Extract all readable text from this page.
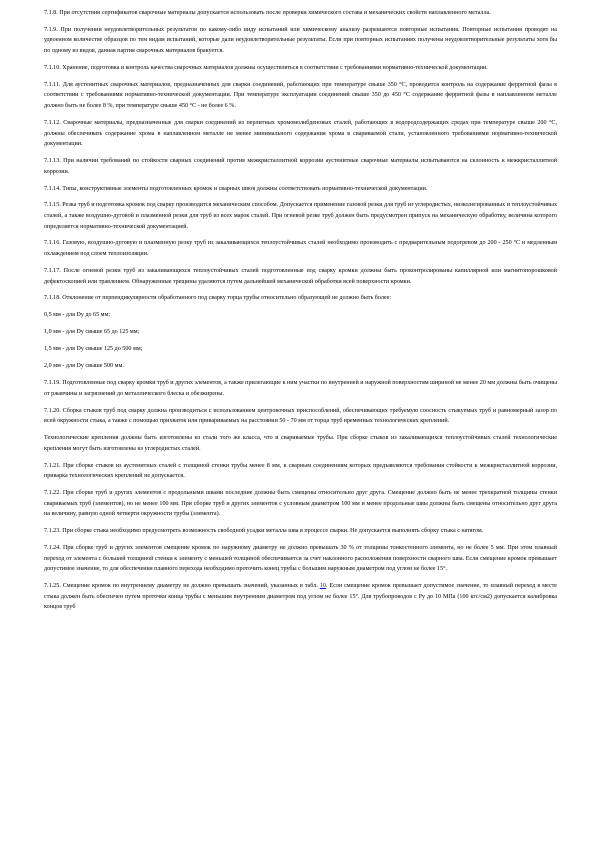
7.1.8. При отсутствии сертификатов сварочные материалы допускается использовать после проверки химического состава и механических свойств наплавленного металла.

7.1.9. При получении неудовлетворительных результатов по какому-либо виду испытаний или химическому анализу разрешаются повторные испытания. Повторные испытания проводят на удвоенном количестве образцов по тем видам испытаний, которые дали неудовлетворительные результаты. Если при повторных испытаниях получены неудовлетворительные результаты хотя бы по одному из видов, данная партия сварочных материалов бракуется.

7.1.10. Хранение, подготовка и контроль качества сварочных материалов должны осуществляться в соответствии с требованиями нормативно-технической документации.

7.1.11. Для аустенитных сварочных материалов, предназначенных для сварки соединений, работающих при температуре свыше 350 °С, проводится контроль на содержание ферритной фазы в соответствии с требованиями нормативно-технической документации. При температуре эксплуатации соединений свыше 350 до 450 °С содержание ферритной фазы в наплавленном металле должно быть не более 8 %, при температуре свыше 450 °С - не более 6 %.

7.1.12. Сварочные материалы, предназначенные для сварки соединений из перлитных хромомолибденовых сталей, работающих в водородсодержащих средах при температуре свыше 200 °С, должны обеспечивать содержание хрома в наплавленном металле не менее минимального содержания хрома в свариваемой стали, установленного требованиями нормативно-технической документации.

7.1.13. При наличии требований по стойкости сварных соединений против межкристаллитной коррозии аустенитные сварочные материалы испытываются на склонность к межкристаллитной коррозии.

7.1.14. Типы, конструктивные элементы подготовленных кромок и сварных швов должны соответствовать нормативно-технической документации.

7.1.15. Резка труб и подготовка кромок под сварку производится механическим способом. Допускается применение газовой резки для труб из углеродистых, низколегированных и теплоустойчивых сталей, а также воздушно-дуговой и плазменной резки для труб из всех марок сталей. При огневой резке труб должен быть предусмотрен припуск на механическую обработку, величина которого определяется нормативно-технической документацией.

7.1.16. Газовую, воздушно-дуговую и плазменную резку труб из закаливающихся теплоустойчивых сталей необходимо производить с предварительным подогревом до 200 - 250 °С и медленным охлаждением под слоем теплоизоляции.

7.1.17. После огневой резки труб из закаливающихся теплоустойчивых сталей подготовленные под сварку кромки должны быть проконтролированы капиллярной или магнитопорошковой дефектоскопией или травлением. Обнаруженные трещины удаляются путем дальнейшей механической обработки всей поверхности кромки.

7.1.18. Отклонение от перпендикулярности обработанного под сварку торца трубы относительно образующей не должно быть более:

0,5 мм - для Dy до 65 мм;

1,0 мм - для Dy свыше 65 до 125 мм;

1,5 мм - для Dy свыше 125 до 500 мм;

2,0 мм - для Dy свыше 500 мм.

7.1.19. Подготовленные под сварку кромки труб и других элементов, а также прилегающие к ним участки по внутренней и наружной поверхностям шириной не менее 20 мм должны быть очищены от ржавчины и загрязнений до металлического блеска и обезжирены.

7.1.20. Сборка стыков труб под сварку должна производиться с использованием центровочных приспособлений, обеспечивающих требуемую соосность стыкуемых труб и равномерный зазор по всей окружности стыка, а также с помощью прихваток или привариваемых на расстоянии 50 - 70 мм от торца труб временных технологических креплений.

Технологические крепления должны быть изготовлены из стали того же класса, что и свариваемые трубы. При сборке стыков из закаливающихся теплоустойчивых сталей технологические крепления могут быть изготовлены из углеродистых сталей.

7.1.21. При сборке стыков из аустенитных сталей с толщиной стенки трубы менее 8 мм, к сварным соединениям которых предъявляются требования стойкости к межкристаллитной коррозии, приварка технологических креплений не допускается.

7.1.22. При сборке труб и других элементов с продольными швами последние должны быть смещены относительно друг друга. Смещение должно быть не менее трехкратной толщины стенки свариваемых труб (элементов), но не менее 100 мм. При сборке труб и других элементов с условным диаметром 100 мм и менее продольные швы должны быть смещены относительно друг друга на величину, равную одной четверти окружности трубы (элемента).

7.1.23. При сборке стыка необходимо предусмотреть возможность свободной усадки металла шва в процессе сварки. Не допускается выполнять сборку стыка с натягом.

7.1.24. При сборке труб и других элементов смещение кромок по наружному диаметру не должно превышать 30 % от толщины тонкостенного элемента, но не более 5 мм. При этом плавный переход от элемента с большей толщиной стенки к элементу с меньшей толщиной обеспечивается за счет наклонного расположения поверхности сварного шва. Если смещение кромок превышает допустимое значение, то для обеспечения плавного перехода необходимо проточить конец трубы с большим наружным диаметром под углом не более 15°.

7.1.25. Смещение кромок по внутреннему диаметру не должно превышать значений, указанных в табл. 10. Если смещение кромок превышает допустимое значение, то плавный переход в месте стыка должен быть обеспечен путем проточки конца трубы с меньшим внутренним диаметром под углом не более 15°. Для трубопроводов с Py до 10 МПа (100 кгс/см2) допускается калибровка концов труб
